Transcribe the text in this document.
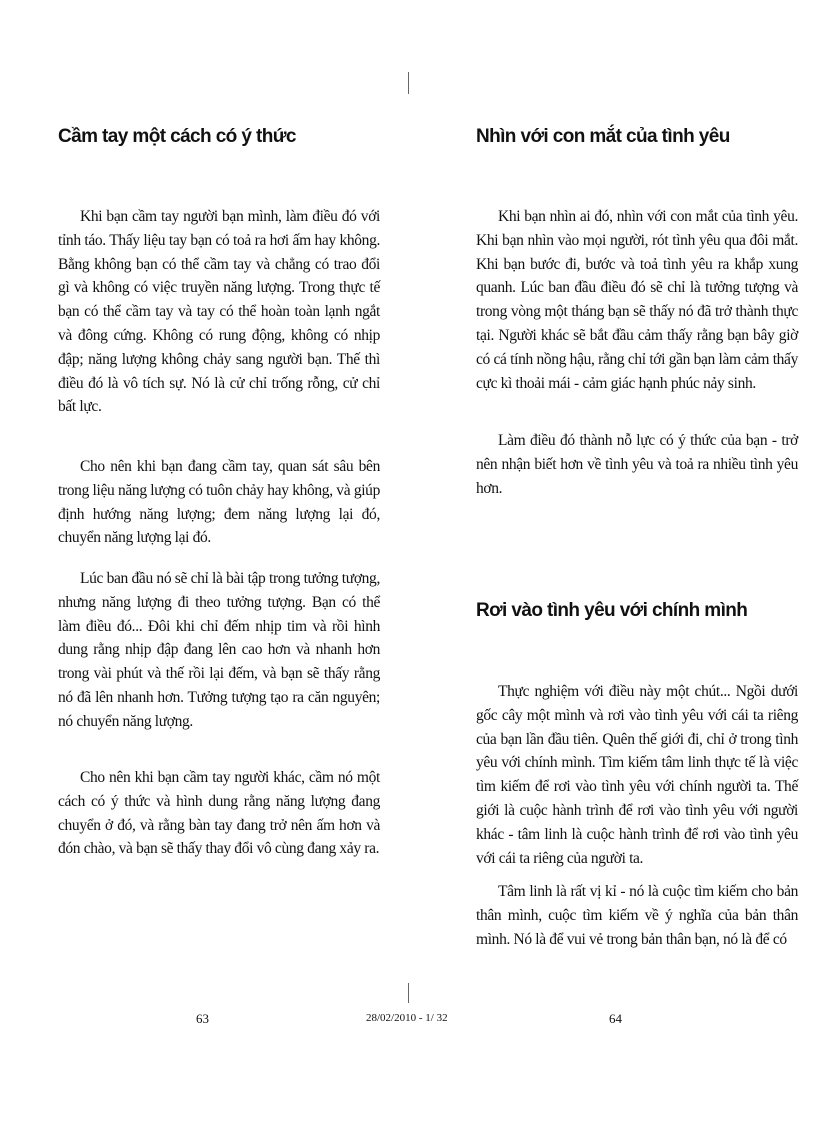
Cầm tay một cách có ý thức

Khi bạn cầm tay người bạn mình, làm điều đó với tỉnh táo. Thấy liệu tay bạn có toả ra hơi ấm hay không. Bằng không bạn có thể cầm tay và chẳng có trao đổi gì và không có việc truyền năng lượng. Trong thực tế bạn có thể cầm tay và tay có thể hoàn toàn lạnh ngắt và đông cứng. Không có rung động, không có nhịp đập; năng lượng không chảy sang người bạn. Thế thì điều đó là vô tích sự. Nó là cử chỉ trống rỗng, cử chỉ bất lực.

Cho nên khi bạn đang cầm tay, quan sát sâu bên trong liệu năng lượng có tuôn chảy hay không, và giúp định hướng năng lượng; đem năng lượng lại đó, chuyển năng lượng lại đó.

Lúc ban đầu nó sẽ chỉ là bài tập trong tưởng tượng, nhưng năng lượng đi theo tưởng tượng. Bạn có thể làm điều đó... Đôi khi chỉ đếm nhịp tim và rồi hình dung rằng nhịp đập đang lên cao hơn và nhanh hơn trong vài phút và thế rồi lại đếm, và bạn sẽ thấy rằng nó đã lên nhanh hơn. Tưởng tượng tạo ra căn nguyên; nó chuyển năng lượng.

Cho nên khi bạn cầm tay người khác, cầm nó một cách có ý thức và hình dung rằng năng lượng đang chuyển ở đó, và rằng bàn tay đang trở nên ấm hơn và đón chào, và bạn sẽ thấy thay đổi vô cùng đang xảy ra.

Nhìn với con mắt của tình yêu

Khi bạn nhìn ai đó, nhìn với con mắt của tình yêu. Khi bạn nhìn vào mọi người, rót tình yêu qua đôi mắt. Khi bạn bước đi, bước và toả tình yêu ra khắp xung quanh. Lúc ban đầu điều đó sẽ chỉ là tưởng tượng và trong vòng một tháng bạn sẽ thấy nó đã trở thành thực tại. Người khác sẽ bắt đầu cảm thấy rằng bạn bây giờ có cá tính nồng hậu, rằng chỉ tới gần bạn làm cảm thấy cực kì thoải mái - cảm giác hạnh phúc nảy sinh.

Làm điều đó thành nỗ lực có ý thức của bạn - trở nên nhận biết hơn về tình yêu và toả ra nhiều tình yêu hơn.

Rơi vào tình yêu với chính mình

Thực nghiệm với điều này một chút... Ngồi dưới gốc cây một mình và rơi vào tình yêu với cái ta riêng của bạn lần đầu tiên. Quên thế giới đi, chỉ ở trong tình yêu với chính mình. Tìm kiếm tâm linh thực tế là việc tìm kiếm để rơi vào tình yêu với chính người ta. Thế giới là cuộc hành trình để rơi vào tình yêu với người khác - tâm linh là cuộc hành trình để rơi vào tình yêu với cái ta riêng của người ta.

Tâm linh là rất vị kỉ - nó là cuộc tìm kiếm cho bản thân mình, cuộc tìm kiếm về ý nghĩa của bản thân mình. Nó là để vui vẻ trong bản thân bạn, nó là để có

63	28/02/2010 - 1/ 32	64
